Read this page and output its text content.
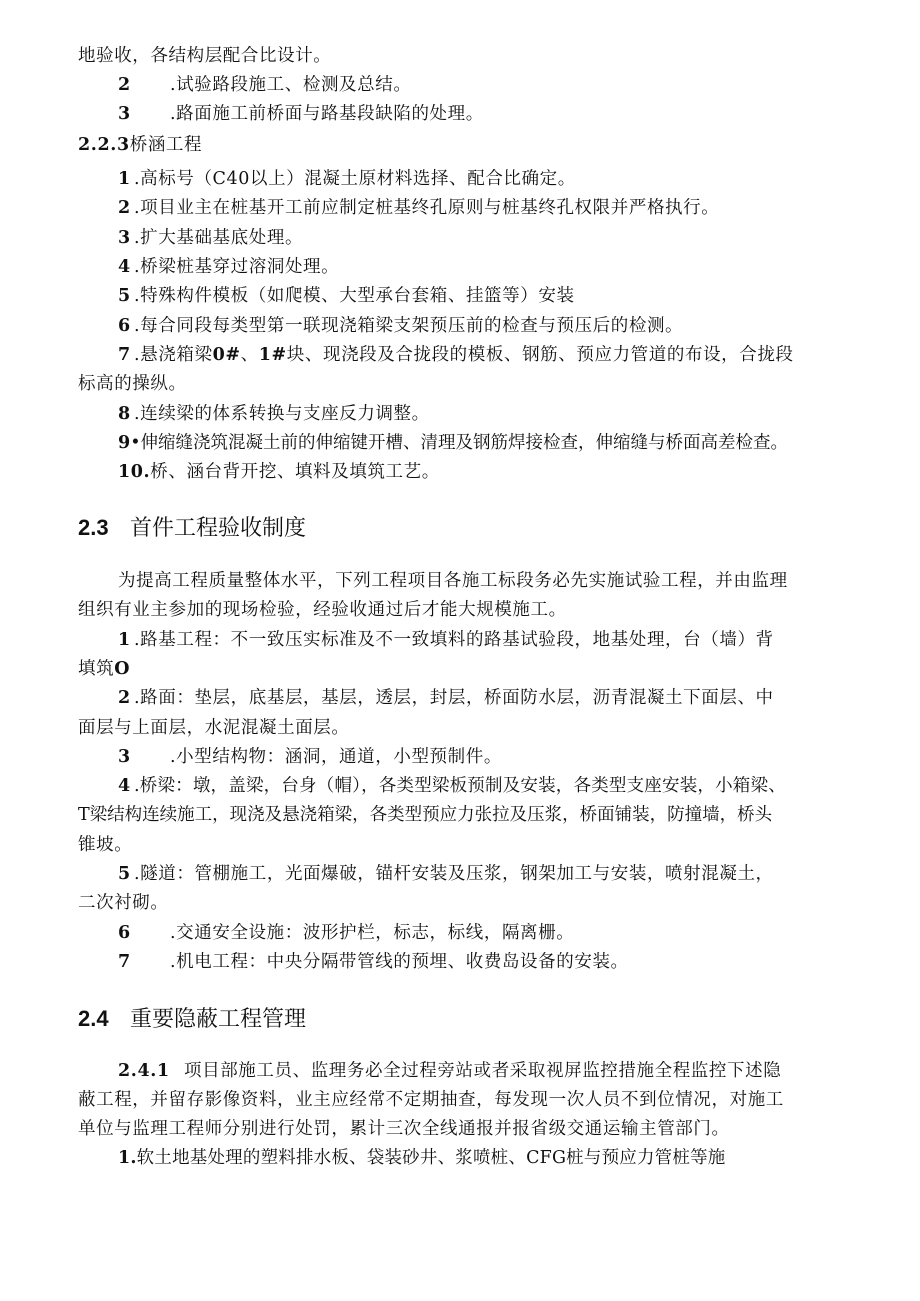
地验收，各结构层配合比设计。
2 .试验路段施工、检测及总结。
3 .路面施工前桥面与路基段缺陷的处理。
2.2.3桥涵工程
1 .高标号（C40以上）混凝土原材料选择、配合比确定。
2 .项目业主在桩基开工前应制定桩基终孔原则与桩基终孔权限并严格执行。
3 .扩大基础基底处理。
4 .桥梁桩基穿过溶洞处理。
5 .特殊构件模板（如爬模、大型承台套箱、挂篮等）安装
6 .每合同段每类型第一联现浇箱梁支架预压前的检查与预压后的检测。
7 .悬浇箱梁0#、1#块、现浇段及合拢段的模板、钢筋、预应力管道的布设，合拢段
标高的操纵。
8 .连续梁的体系转换与支座反力调整。
9•伸缩缝浇筑混凝土前的伸缩键开槽、清理及钢筋焊接检查，伸缩缝与桥面高差检查。
10.桥、涵台背开挖、填料及填筑工艺。
2.3 首件工程验收制度
为提高工程质量整体水平，下列工程项目各施工标段务必先实施试验工程，并由监理
组织有业主参加的现场检验，经验收通过后才能大规模施工。
1 .路基工程：不一致压实标准及不一致填料的路基试验段，地基处理，台（墙）背
填筑O
2 .路面：垫层，底基层，基层，透层，封层，桥面防水层，沥青混凝土下面层、中
面层与上面层，水泥混凝土面层。
3 .小型结构物：涵洞，通道，小型预制件。
4 .桥梁：墩，盖梁，台身（帽），各类型梁板预制及安装，各类型支座安装，小箱梁、
T梁结构连续施工，现浇及悬浇箱梁，各类型预应力张拉及压浆，桥面铺装，防撞墙，桥头
锥坡。
5 .隧道：管棚施工，光面爆破，锚杆安装及压浆，钢架加工与安装，喷射混凝土，
二次衬砌。
6 .交通安全设施：波形护栏，标志，标线，隔离栅。
7 .机电工程：中央分隔带管线的预埋、收费岛设备的安装。
2.4 重要隐蔽工程管理
2.4.1 项目部施工员、监理务必全过程旁站或者采取视屏监控措施全程监控下述隐
蔽工程，并留存影像资料，业主应经常不定期抽查，每发现一次人员不到位情况，对施工
单位与监理工程师分别进行处罚，累计三次全线通报并报省级交通运输主管部门。
1.软土地基处理的塑料排水板、袋装砂井、浆喷桩、CFG桩与预应力管桩等施
